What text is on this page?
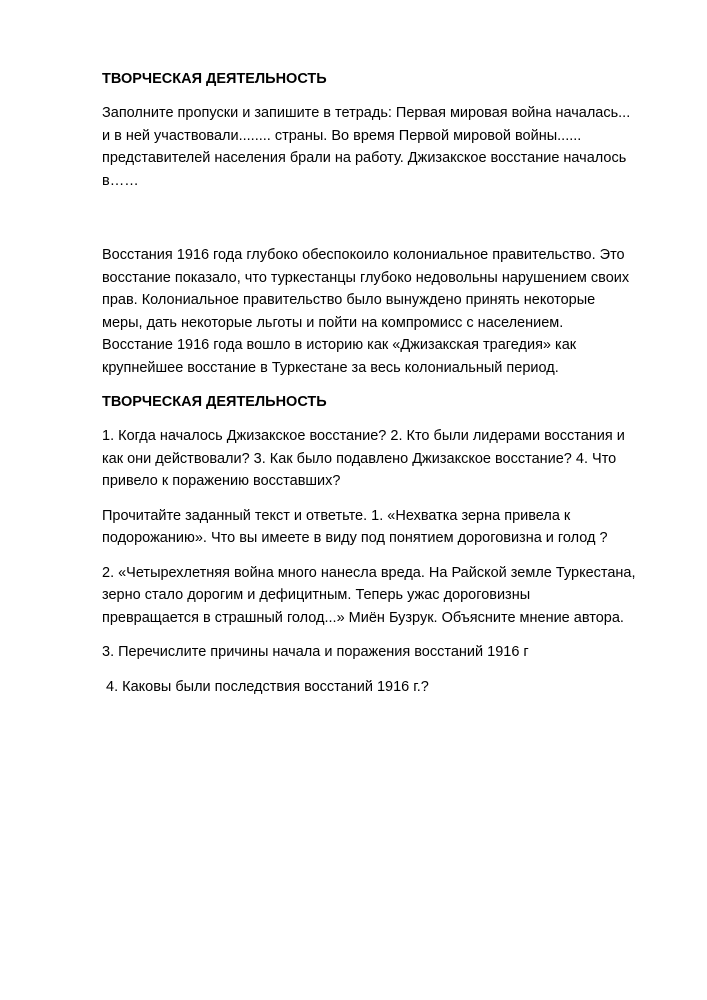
ТВОРЧЕСКАЯ ДЕЯТЕЛЬНОСТЬ
Заполните пропуски и запишите в тетрадь: Первая мировая война началась...
и в ней участвовали........ страны. Во время Первой мировой войны......
представителей населения брали на работу. Джизакское восстание началось
в……
Восстания 1916 года глубоко обеспокоило колониальное правительство. Это
восстание показало, что туркестанцы глубоко недовольны нарушением своих
прав. Колониальное правительство было вынуждено принять некоторые
меры, дать некоторые льготы и пойти на компромисс с населением.
Восстание 1916 года вошло в историю как «Джизакская трагедия» как
крупнейшее восстание в Туркестане за весь колониальный период.
ТВОРЧЕСКАЯ ДЕЯТЕЛЬНОСТЬ
1. Когда началось Джизакское восстание? 2. Кто были лидерами восстания и
как они действовали? 3. Как было подавлено Джизакское восстание? 4. Что
привело к поражению восставших?
Прочитайте заданный текст и ответьте. 1. «Нехватка зерна привела к
подорожанию». Что вы имеете в виду под понятием дороговизна и голод ?
2. «Четырехлетняя война много нанесла вреда. На Райской земле Туркестана,
зерно стало дорогим и дефицитным. Теперь ужас дороговизны
превращается в страшный голод...» Миён Бузрук. Объясните мнение автора.
3. Перечислите причины начала и поражения восстаний 1916 г
4. Каковы были последствия восстаний 1916 г.?
